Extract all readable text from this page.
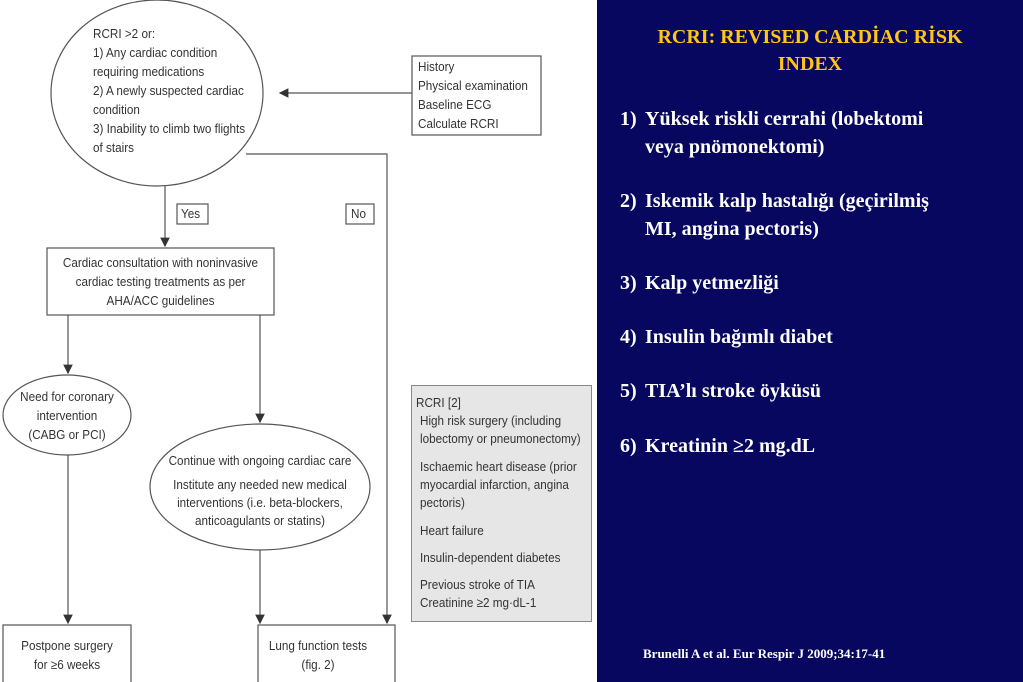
RCRI >2 or:
1) Any cardiac condition
requiring medications
2) A newly suspected cardiac
condition
3) Inability to climb two flights
of stairs
History
Physical examination
Baseline ECG
Calculate RCRI
Yes	No
Cardiac consultation with noninvasive
cardiac testing treatments as per
AHA/ACC guidelines
Need for coronary
intervention
(CABG or PCI)
Continue with ongoing cardiac care
Institute any needed new medical
interventions (i.e. beta-blockers,
anticoagulants or statins)
Postpone surgery
for ≥6 weeks
Lung function tests
(fig. 2)
RCRI [2]
High risk surgery (including
lobectomy or pneumonectomy)
Ischaemic heart disease (prior
myocardial infarction, angina
pectoris)
Heart failure
Insulin-dependent diabetes
Previous stroke of TIA
Creatinine ≥2 mg·dL-1
RCRI: REVISED CARDİAC RİSK
INDEX
1) Yüksek riskli cerrahi (lobektomi
veya pnömonektomi)
2) Iskemik kalp hastalığı (geçirilmiş
MI, angina pectoris)
3) Kalp yetmezliği
4) Insulin bağımlı diabet
5) TIA’lı stroke öyküsü
6) Kreatinin ≥2 mg.dL
Brunelli A et al. Eur Respir J 2009;34:17-41
